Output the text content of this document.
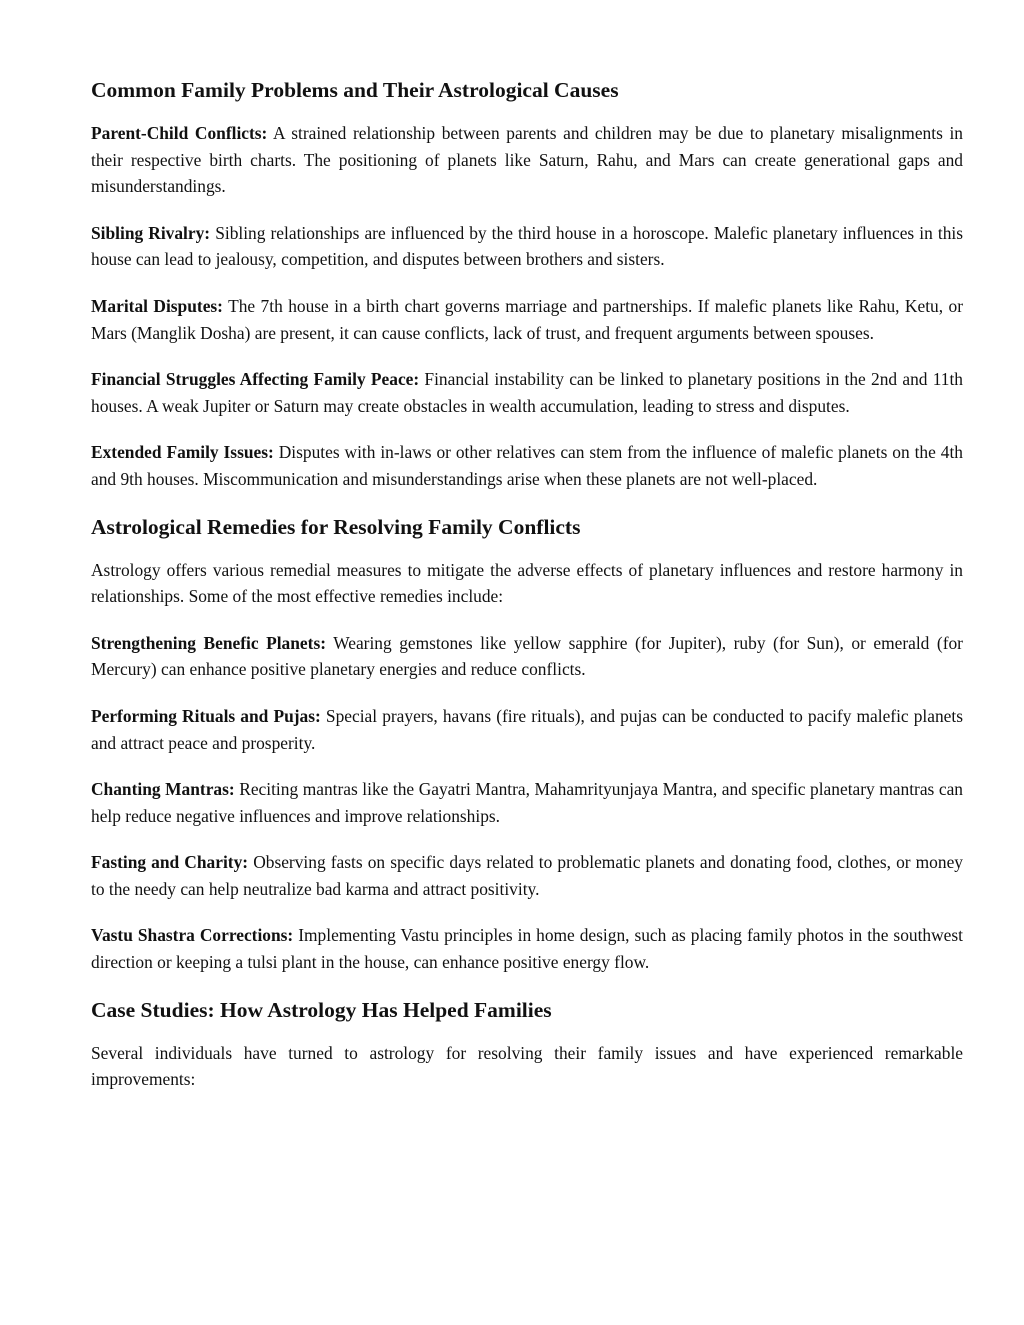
Common Family Problems and Their Astrological Causes

Parent-Child Conflicts: A strained relationship between parents and children may be due to planetary misalignments in their respective birth charts. The positioning of planets like Saturn, Rahu, and Mars can create generational gaps and misunderstandings.

Sibling Rivalry: Sibling relationships are influenced by the third house in a horoscope. Malefic planetary influences in this house can lead to jealousy, competition, and disputes between brothers and sisters.

Marital Disputes: The 7th house in a birth chart governs marriage and partnerships. If malefic planets like Rahu, Ketu, or Mars (Manglik Dosha) are present, it can cause conflicts, lack of trust, and frequent arguments between spouses.

Financial Struggles Affecting Family Peace: Financial instability can be linked to planetary positions in the 2nd and 11th houses. A weak Jupiter or Saturn may create obstacles in wealth accumulation, leading to stress and disputes.

Extended Family Issues: Disputes with in-laws or other relatives can stem from the influence of malefic planets on the 4th and 9th houses. Miscommunication and misunderstandings arise when these planets are not well-placed.

Astrological Remedies for Resolving Family Conflicts

Astrology offers various remedial measures to mitigate the adverse effects of planetary influences and restore harmony in relationships. Some of the most effective remedies include:

Strengthening Benefic Planets: Wearing gemstones like yellow sapphire (for Jupiter), ruby (for Sun), or emerald (for Mercury) can enhance positive planetary energies and reduce conflicts.

Performing Rituals and Pujas: Special prayers, havans (fire rituals), and pujas can be conducted to pacify malefic planets and attract peace and prosperity.

Chanting Mantras: Reciting mantras like the Gayatri Mantra, Mahamrityunjaya Mantra, and specific planetary mantras can help reduce negative influences and improve relationships.

Fasting and Charity: Observing fasts on specific days related to problematic planets and donating food, clothes, or money to the needy can help neutralize bad karma and attract positivity.

Vastu Shastra Corrections: Implementing Vastu principles in home design, such as placing family photos in the southwest direction or keeping a tulsi plant in the house, can enhance positive energy flow.

Case Studies: How Astrology Has Helped Families

Several individuals have turned to astrology for resolving their family issues and have experienced remarkable improvements:
